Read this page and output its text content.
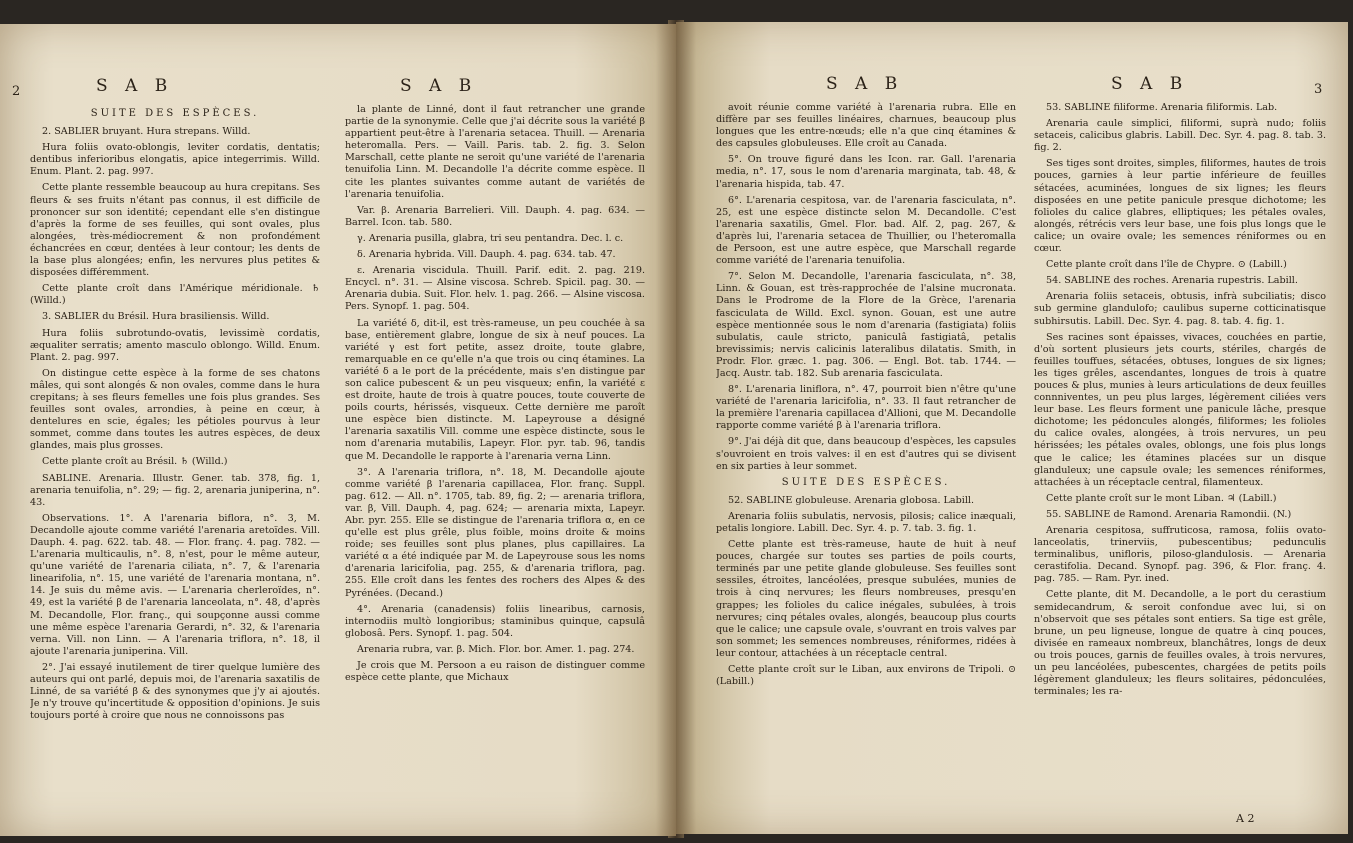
2	S A B	S A B
SUITE DES ESPÈCES.

2. SABLIER bruyant. Hura strepans. Willd.

Hura foliis ovato-oblongis, leviter cordatis, dentatis; dentibus inferioribus elongatis, apice integerrimis. Willd. Enum. Plant. 2. pag. 997.

Cette plante ressemble beaucoup au hura crepitans. Ses fleurs & ses fruits n'étant pas connus, il est difficile de prononcer sur son identité; cependant elle s'en distingue d'après la forme de ses feuilles, qui sont ovales, plus alongées, très-médiocrement & non profondément échancrées en cœur, dentées à leur contour; les dents de la base plus alongées; enfin, les nervures plus petites & disposées différemment.

Cette plante croît dans l'Amérique méridionale. ♄ (Willd.)

3. SABLIER du Brésil. Hura brasiliensis. Willd.

Hura foliis subrotundo-ovatis, levissimè cordatis, æqualiter serratis; amento masculo oblongo. Willd. Enum. Plant. 2. pag. 997.

On distingue cette espèce à la forme de ses chatons mâles, qui sont alongés & non ovales, comme dans le hura crepitans; à ses fleurs femelles une fois plus grandes. Ses feuilles sont ovales, arrondies, à peine en cœur, à dentelures en scie, égales; les pétioles pourvus à leur sommet, comme dans toutes les autres espèces, de deux glandes, mais plus grosses.

Cette plante croît au Brésil. ♄ (Willd.)

SABLINE. Arenaria. Illustr. Gener. tab. 378, fig. 1, arenaria tenuifolia, n°. 29; — fig. 2, arenaria juniperina, n°. 43.

Observations. 1°. A l'arenaria biflora, n°. 3, M. Decandolle ajoute comme variété l'arenaria aretoïdes. Vill. Dauph. 4. pag. 622. tab. 48. — Flor. franç. 4. pag. 782. — L'arenaria multicaulis, n°. 8, n'est, pour le même auteur, qu'une variété de l'arenaria ciliata, n°. 7, & l'arenaria linearifolia, n°. 15, une variété de l'arenaria montana, n°. 14. Je suis du même avis. — L'arenaria cherleroïdes, n°. 49, est la variété β de l'arenaria lanceolata, n°. 48, d'après M. Decandolle, Flor. franç., qui soupçonne aussi comme une même espèce l'arenaria Gerardi, n°. 32, & l'arenaria verna. Vill. non Linn. — A l'arenaria triflora, n°. 18, il ajoute l'arenaria juniperina. Vill.

2°. J'ai essayé inutilement de tirer quelque lumière des auteurs qui ont parlé, depuis moi, de l'arenaria saxatilis de Linné, de sa variété β & des synonymes que j'y ai ajoutés. Je n'y trouve qu'incertitude & opposition d'opinions. Je suis toujours porté à croire que nous ne connoissons pas

la plante de Linné, dont il faut retrancher une grande partie de la synonymie. Celle que j'ai décrite sous la variété β appartient peut-être à l'arenaria setacea. Thuill. — Arenaria heteromalla. Pers. — Vaill. Paris. tab. 2. fig. 3. Selon Marschall, cette plante ne seroit qu'une variété de l'arenaria tenuifolia Linn. M. Decandolle l'a décrite comme espèce. Il cite les plantes suivantes comme autant de variétés de l'arenaria tenuifolia.

Var. β. Arenaria Barrelieri. Vill. Dauph. 4. pag. 634. — Barrel. Icon. tab. 580.

γ. Arenaria pusilla, glabra, tri seu pentandra. Dec. l. c.

δ. Arenaria hybrida. Vill. Dauph. 4. pag. 634. tab. 47.

ε. Arenaria viscidula. Thuill. Parif. edit. 2. pag. 219. Encycl. n°. 31. — Alsine viscosa. Schreb. Spicil. pag. 30. — Arenaria dubia. Suit. Flor. helv. 1. pag. 266. — Alsine viscosa. Pers. Synopf. 1. pag. 504.

La variété δ, dit-il, est très-rameuse, un peu couchée à sa base, entièrement glabre, longue de six à neuf pouces. La variété γ est fort petite, assez droite, toute glabre, remarquable en ce qu'elle n'a que trois ou cinq étamines. La variété δ a le port de la précédente, mais s'en distingue par son calice pubescent & un peu visqueux; enfin, la variété ε est droite, haute de trois à quatre pouces, toute couverte de poils courts, hérissés, visqueux. Cette dernière me paroît une espèce bien distincte. M. Lapeyrouse a désigné l'arenaria saxatilis Vill. comme une espèce distincte, sous le nom d'arenaria mutabilis, Lapeyr. Flor. pyr. tab. 96, tandis que M. Decandolle le rapporte à l'arenaria verna Linn.

3°. A l'arenaria triflora, n°. 18, M. Decandolle ajoute comme variété β l'arenaria capillacea, Flor. franç. Suppl. pag. 612. — All. n°. 1705, tab. 89, fig. 2; — arenaria triflora, var. β, Vill. Dauph. 4, pag. 624; — arenaria mixta, Lapeyr. Abr. pyr. 255. Elle se distingue de l'arenaria triflora α, en ce qu'elle est plus grêle, plus foible, moins droite & moins roide; ses feuilles sont plus planes, plus capillaires. La variété α a été indiquée par M. de Lapeyrouse sous les noms d'arenaria laricifolia, pag. 255, & d'arenaria triflora, pag. 255. Elle croît dans les fentes des rochers des Alpes & des Pyrénées. (Decand.)

4°. Arenaria (canadensis) foliis linearibus, carnosis, internodiis multò longioribus; staminibus quinque, capsulâ globosâ. Pers. Synopf. 1. pag. 504.

Arenaria rubra, var. β. Mich. Flor. bor. Amer. 1. pag. 274.

Je crois que M. Persoon a eu raison de distinguer comme espèce cette plante, que Michaux

S A B	S A B	3

avoit réunie comme variété à l'arenaria rubra. Elle en diffère par ses feuilles linéaires, charnues, beaucoup plus longues que les entre-nœuds; elle n'a que cinq étamines & des capsules globuleuses. Elle croît au Canada.

5°. On trouve figuré dans les Icon. rar. Gall. l'arenaria media, n°. 17, sous le nom d'arenaria marginata, tab. 48, & l'arenaria hispida, tab. 47.

6°. L'arenaria cespitosa, var. de l'arenaria fasciculata, n°. 25, est une espèce distincte selon M. Decandolle. C'est l'arenaria saxatilis, Gmel. Flor. bad. Alf. 2, pag. 267, & d'après lui, l'arenaria setacea de Thuillier, ou l'heteromalla de Persoon, est une autre espèce, que Marschall regarde comme variété de l'arenaria tenuifolia.

7°. Selon M. Decandolle, l'arenaria fasciculata, n°. 38, Linn. & Gouan, est très-rapprochée de l'alsine mucronata. Dans le Prodrome de la Flore de la Grèce, l'arenaria fasciculata de Willd. Excl. synon. Gouan, est une autre espèce mentionnée sous le nom d'arenaria (fastigiata) foliis subulatis, caule stricto, paniculâ fastigiatâ, petalis brevissimis; nervis calicinis lateralibus dilatatis. Smith, in Prodr. Flor. græc. 1. pag. 306. — Engl. Bot. tab. 1744. — Jacq. Austr. tab. 182. Sub arenaria fasciculata.

8°. L'arenaria liniflora, n°. 47, pourroit bien n'être qu'une variété de l'arenaria laricifolia, n°. 33. Il faut retrancher de la première l'arenaria capillacea d'Allioni, que M. Decandolle rapporte comme variété β à l'arenaria triflora.

9°. J'ai déjà dit que, dans beaucoup d'espèces, les capsules s'ouvroient en trois valves: il en est d'autres qui se divisent en six parties à leur sommet.

SUITE DES ESPÈCES.

52. SABLINE globuleuse. Arenaria globosa. Labill.

Arenaria foliis subulatis, nervosis, pilosis; calice inæquali, petalis longiore. Labill. Dec. Syr. 4. p. 7. tab. 3. fig. 1.

Cette plante est très-rameuse, haute de huit à neuf pouces, chargée sur toutes ses parties de poils courts, terminés par une petite glande globuleuse. Ses feuilles sont sessiles, étroites, lancéolées, presque subulées, munies de trois à cinq nervures; les fleurs nombreuses, presqu'en grappes; les folioles du calice inégales, subulées, à trois nervures; cinq pétales ovales, alongés, beaucoup plus courts que le calice; une capsule ovale, s'ouvrant en trois valves par son sommet; les semences nombreuses, réniformes, ridées à leur contour, attachées à un réceptacle central.

Cette plante croît sur le Liban, aux environs de Tripoli. ⊙ (Labill.)

53. SABLINE filiforme. Arenaria filiformis. Lab.

Arenaria caule simplici, filiformi, suprà nudo; foliis setaceis, calicibus glabris. Labill. Dec. Syr. 4. pag. 8. tab. 3. fig. 2.

Ses tiges sont droites, simples, filiformes, hautes de trois pouces, garnies à leur partie inférieure de feuilles sétacées, acuminées, longues de six lignes; les fleurs disposées en une petite panicule presque dichotome; les folioles du calice glabres, elliptiques; les pétales ovales, alongés, rétrécis vers leur base, une fois plus longs que le calice; un ovaire ovale; les semences réniformes ou en cœur.

Cette plante croît dans l'île de Chypre. ⊙ (Labill.)

54. SABLINE des roches. Arenaria rupestris. Labill.

Arenaria foliis setaceis, obtusis, infrà subciliatis; disco sub germine glandulofo; caulibus superne cotticinatisque subhirsutis. Labill. Dec. Syr. 4. pag. 8. tab. 4. fig. 1.

Ses racines sont épaisses, vivaces, couchées en partie, d'où sortent plusieurs jets courts, stériles, chargés de feuilles touffues, sétacées, obtuses, longues de six lignes; les tiges grêles, ascendantes, longues de trois à quatre pouces & plus, munies à leurs articulations de deux feuilles connniventes, un peu plus larges, légèrement ciliées vers leur base. Les fleurs forment une panicule lâche, presque dichotome; les pédoncules alongés, filiformes; les folioles du calice ovales, alongées, à trois nervures, un peu hérissées; les pétales ovales, oblongs, une fois plus longs que le calice; les étamines placées sur un disque glanduleux; une capsule ovale; les semences réniformes, attachées à un réceptacle central, filamenteux.

Cette plante croît sur le mont Liban. ♃ (Labill.)

55. SABLINE de Ramond. Arenaria Ramondii. (N.)

Arenaria cespitosa, suffruticosa, ramosa, foliis ovato-lanceolatis, trinerviis, pubescentibus; pedunculis terminalibus, unifloris, piloso-glandulosis. — Arenaria cerastifolia. Decand. Synopf. pag. 396, & Flor. franç. 4. pag. 785. — Ram. Pyr. ined.

Cette plante, dit M. Decandolle, a le port du cerastium semidecandrum, & seroit confondue avec lui, si on n'observoit que ses pétales sont entiers. Sa tige est grêle, brune, un peu ligneuse, longue de quatre à cinq pouces, divisée en rameaux nombreux, blanchâtres, longs de deux ou trois pouces, garnis de feuilles ovales, à trois nervures, un peu lancéolées, pubescentes, chargées de petits poils légèrement glanduleux; les fleurs solitaires, pédonculées, terminales; les ra-

A 2
